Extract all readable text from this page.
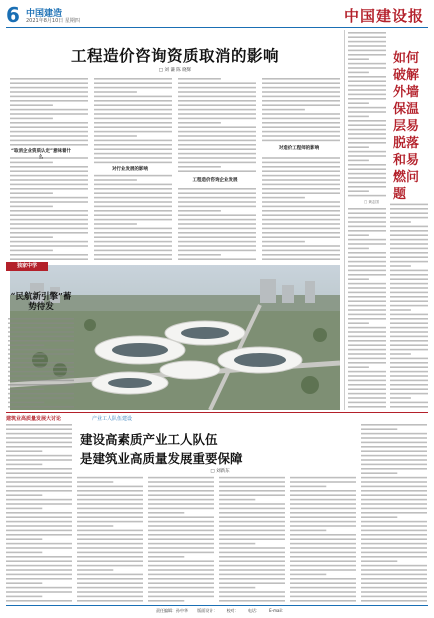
6 中国建造
2021年8月10日 星期四	中国建设报
工程造价咨询资质取消的影响
□ 刘 谦 陈 晓辉
“取消企业资质认定”意味着什么
对行业发展的影响
工程造价咨询企业发展
对造价工程师的影响
如何破解外墙保温层易脱落和易燃问题
□ 黄志国
独家中学
“民航新引擎”蓄势待发
建筑业高质量发展大讨论	产业工人队伍建设
建设高素质产业工人队伍
是建筑业高质量发展重要保障
□ 刘新东
责任编辑：孙中华 版面设计： 校对： 电话： E-mail：
